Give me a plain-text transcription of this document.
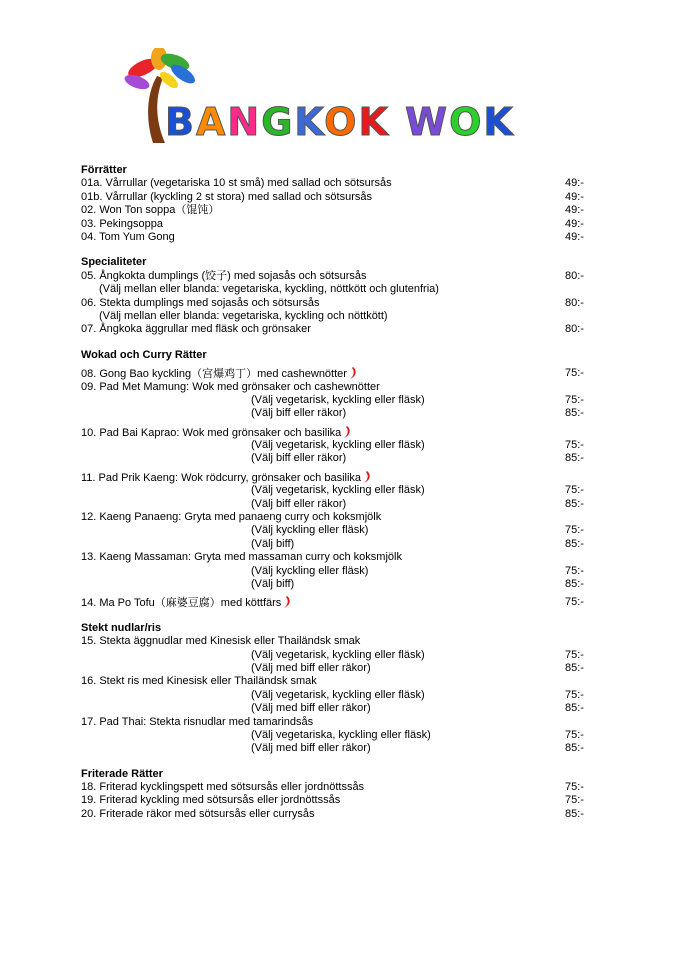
BANGKOK WOK
Förrätter
01a. Vårrullar (vegetariska 10 st små) med sallad och sötsursås	49:-
01b. Vårrullar (kyckling 2 st stora) med sallad och sötsursås	49:-
02. Won Ton soppa（馄饨）	49:-
03. Pekingsoppa	49:-
04. Tom Yum Gong	49:-
Specialiteter
05. Ångkokta dumplings (饺子) med sojasås och sötsursås	80:-
(Välj mellan eller blanda: vegetariska, kyckling, nöttkött och glutenfria)
06. Stekta dumplings med sojasås och sötsursås	80:-
(Välj mellan eller blanda: vegetariska, kyckling och nöttkött)
07. Ångkoka äggrullar med fläsk och grönsaker	80:-
Wokad och Curry Rätter
08. Gong Bao kyckling（宫爆鸡丁）med cashewnötter	75:-
09. Pad Met Mamung: Wok med grönsaker och cashewnötter
(Välj vegetarisk, kyckling eller fläsk)	75:-
(Välj biff eller räkor)	85:-
10. Pad Bai Kaprao: Wok med grönsaker och basilika
(Välj vegetarisk, kyckling eller fläsk)	75:-
(Välj biff eller räkor)	85:-
11. Pad Prik Kaeng: Wok rödcurry, grönsaker och basilika
(Välj vegetarisk, kyckling eller fläsk)	75:-
(Välj biff eller räkor)	85:-
12. Kaeng Panaeng: Gryta med panaeng curry och koksmjölk
(Välj kyckling eller fläsk)	75:-
(Välj biff)	85:-
13. Kaeng Massaman: Gryta med massaman curry och koksmjölk
(Välj kyckling eller fläsk)	75:-
(Välj biff)	85:-
14. Ma Po Tofu（麻婆豆腐）med köttfärs	75:-
Stekt nudlar/ris
15. Stekta äggnudlar med Kinesisk eller Thailändsk smak
(Välj vegetarisk, kyckling eller fläsk)	75:-
(Välj med biff eller räkor)	85:-
16. Stekt ris med Kinesisk eller Thailändsk smak
(Välj vegetarisk, kyckling eller fläsk)	75:-
(Välj med biff eller räkor)	85:-
17. Pad Thai: Stekta risnudlar med tamarindsås
(Välj vegetariska, kyckling eller fläsk)	75:-
(Välj med biff eller räkor)	85:-
Friterade Rätter
18. Friterad kycklingspett med sötsursås eller jordnöttssås	75:-
19. Friterad kyckling med sötsursås eller jordnöttssås	75:-
20. Friterade räkor med sötsursås eller currysås	85:-
